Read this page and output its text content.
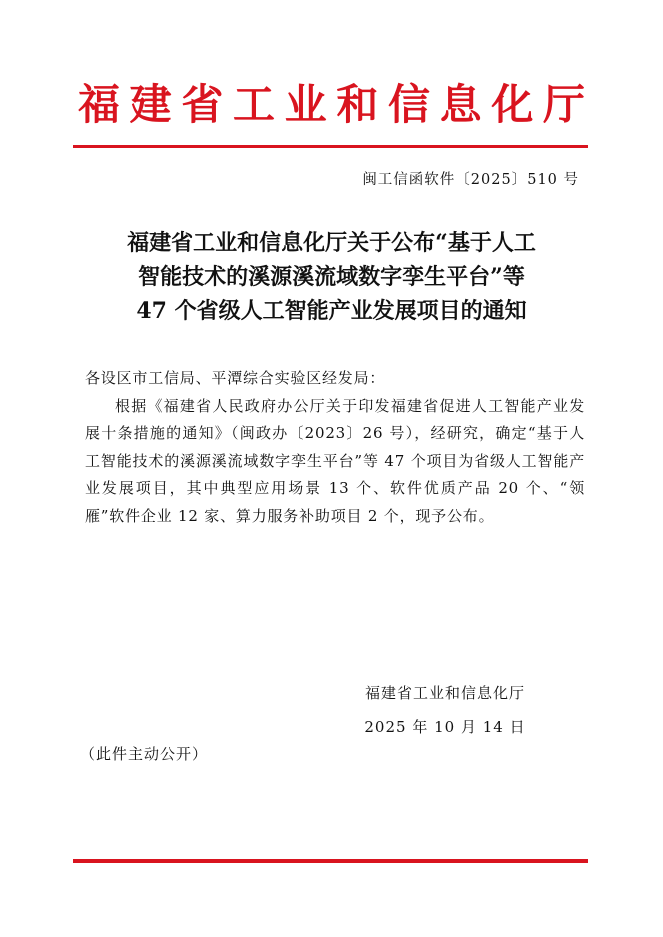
福建省工业和信息化厅
闽工信函软件〔2025〕510 号
福建省工业和信息化厅关于公布“基于人工
智能技术的溪源溪流域数字孪生平台”等
47 个省级人工智能产业发展项目的通知

各设区市工信局、平潭综合实验区经发局：

根据《福建省人民政府办公厅关于印发福建省促进人工智能产业发展十条措施的通知》（闽政办〔2023〕26 号），经研究，确定“基于人工智能技术的溪源溪流域数字孪生平台”等 47 个项目为省级人工智能产业发展项目，其中典型应用场景 13 个、软件优质产品 20 个、“领雁”软件企业 12 家、算力服务补助项目 2 个，现予公布。

福建省工业和信息化厅
2025 年 10 月 14 日
（此件主动公开）
